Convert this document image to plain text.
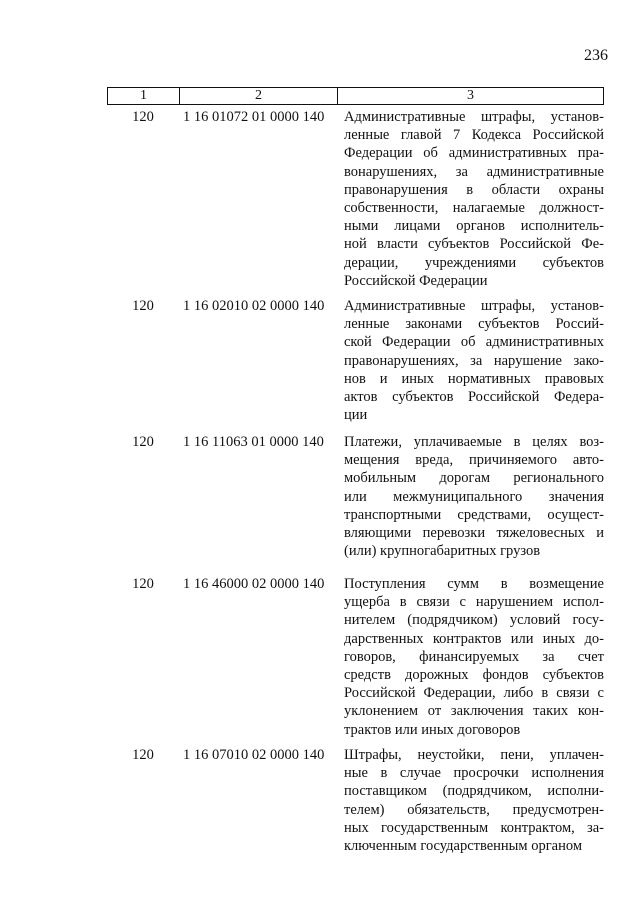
236
1	2	3
120	1 16 01072 01 0000 140	Административные штрафы, установ-
ленные главой 7 Кодекса Российской
Федерации об административных пра-
вонарушениях, за административные
правонарушения в области охраны
собственности, налагаемые должност-
ными лицами органов исполнитель-
ной власти субъектов Российской Фе-
дерации, учреждениями субъектов
Российской Федерации
120	1 16 02010 02 0000 140	Административные штрафы, установ-
ленные законами субъектов Россий-
ской Федерации об административных
правонарушениях, за нарушение зако-
нов и иных нормативных правовых
актов субъектов Российской Федера-
ции
120	1 16 11063 01 0000 140	Платежи, уплачиваемые в целях воз-
мещения вреда, причиняемого авто-
мобильным дорогам регионального
или межмуниципального значения
транспортными средствами, осущест-
вляющими перевозки тяжеловесных и
(или) крупногабаритных грузов
120	1 16 46000 02 0000 140	Поступления сумм в возмещение
ущерба в связи с нарушением испол-
нителем (подрядчиком) условий госу-
дарственных контрактов или иных до-
говоров, финансируемых за счет
средств дорожных фондов субъектов
Российской Федерации, либо в связи с
уклонением от заключения таких кон-
трактов или иных договоров
120	1 16 07010 02 0000 140	Штрафы, неустойки, пени, уплачен-
ные в случае просрочки исполнения
поставщиком (подрядчиком, исполни-
телем) обязательств, предусмотрен-
ных государственным контрактом, за-
ключенным государственным органом
